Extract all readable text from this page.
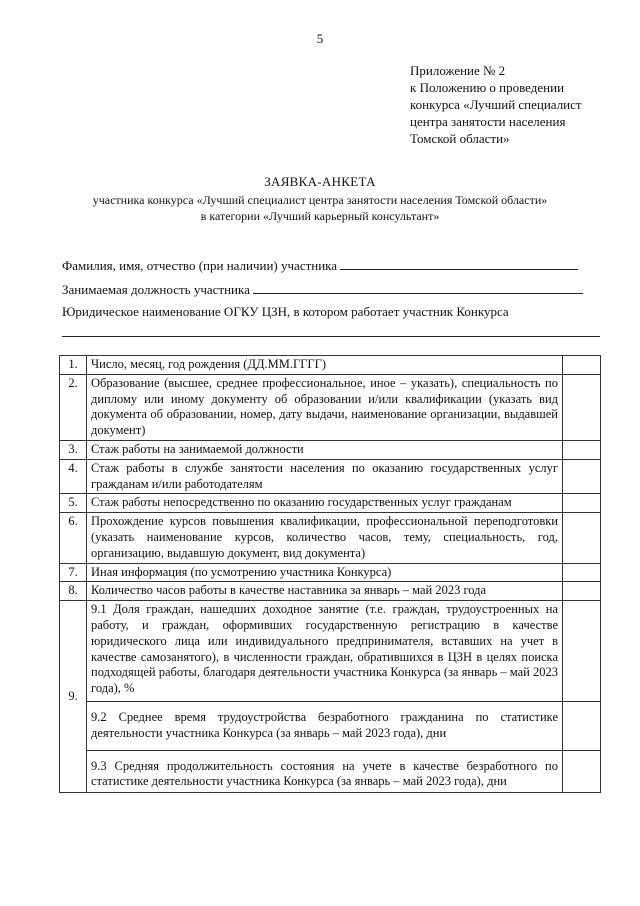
5
Приложение № 2
к Положению о проведении
конкурса «Лучший специалист
центра занятости населения
Томской области»
ЗАЯВКА-АНКЕТА
участника конкурса «Лучший специалист центра занятости населения Томской области»
в категории «Лучший карьерный консультант»
Фамилия, имя, отчество (при наличии) участника
Занимаемая должность участника
Юридическое наименование ОГКУ ЦЗН, в котором работает участник Конкурса
1.	Число, месяц, год рождения (ДД.ММ.ГГГГ)	
2.	Образование (высшее, среднее профессиональное, иное – указать), специальность по диплому или иному документу об образовании и/или квалификации (указать вид документа об образовании, номер, дату выдачи, наименование организации, выдавшей документ)	
3.	Стаж работы на занимаемой должности	
4.	Стаж работы в службе занятости населения по оказанию государственных услуг гражданам и/или работодателям	
5.	Стаж работы непосредственно по оказанию государственных услуг гражданам	
6.	Прохождение курсов повышения квалификации, профессиональной переподготовки (указать наименование курсов, количество часов, тему, специальность, год, организацию, выдавшую документ, вид документа)	
7.	Иная информация (по усмотрению участника Конкурса)	
8.	Количество часов работы в качестве наставника за январь – май 2023 года	
9.	9.1 Доля граждан, нашедших доходное занятие (т.е. граждан, трудоустроенных на работу, и граждан, оформивших государственную регистрацию в качестве юридического лица или индивидуального предпринимателя, вставших на учет в качестве самозанятого), в численности граждан, обратившихся в ЦЗН в целях поиска подходящей работы, благодаря деятельности участника Конкурса (за январь – май 2023 года), %	
	9.2 Среднее время трудоустройства безработного гражданина по статистике деятельности участника Конкурса (за январь – май 2023 года), дни	
	9.3 Средняя продолжительность состояния на учете в качестве безработного по статистике деятельности участника Конкурса (за январь – май 2023 года), дни	
